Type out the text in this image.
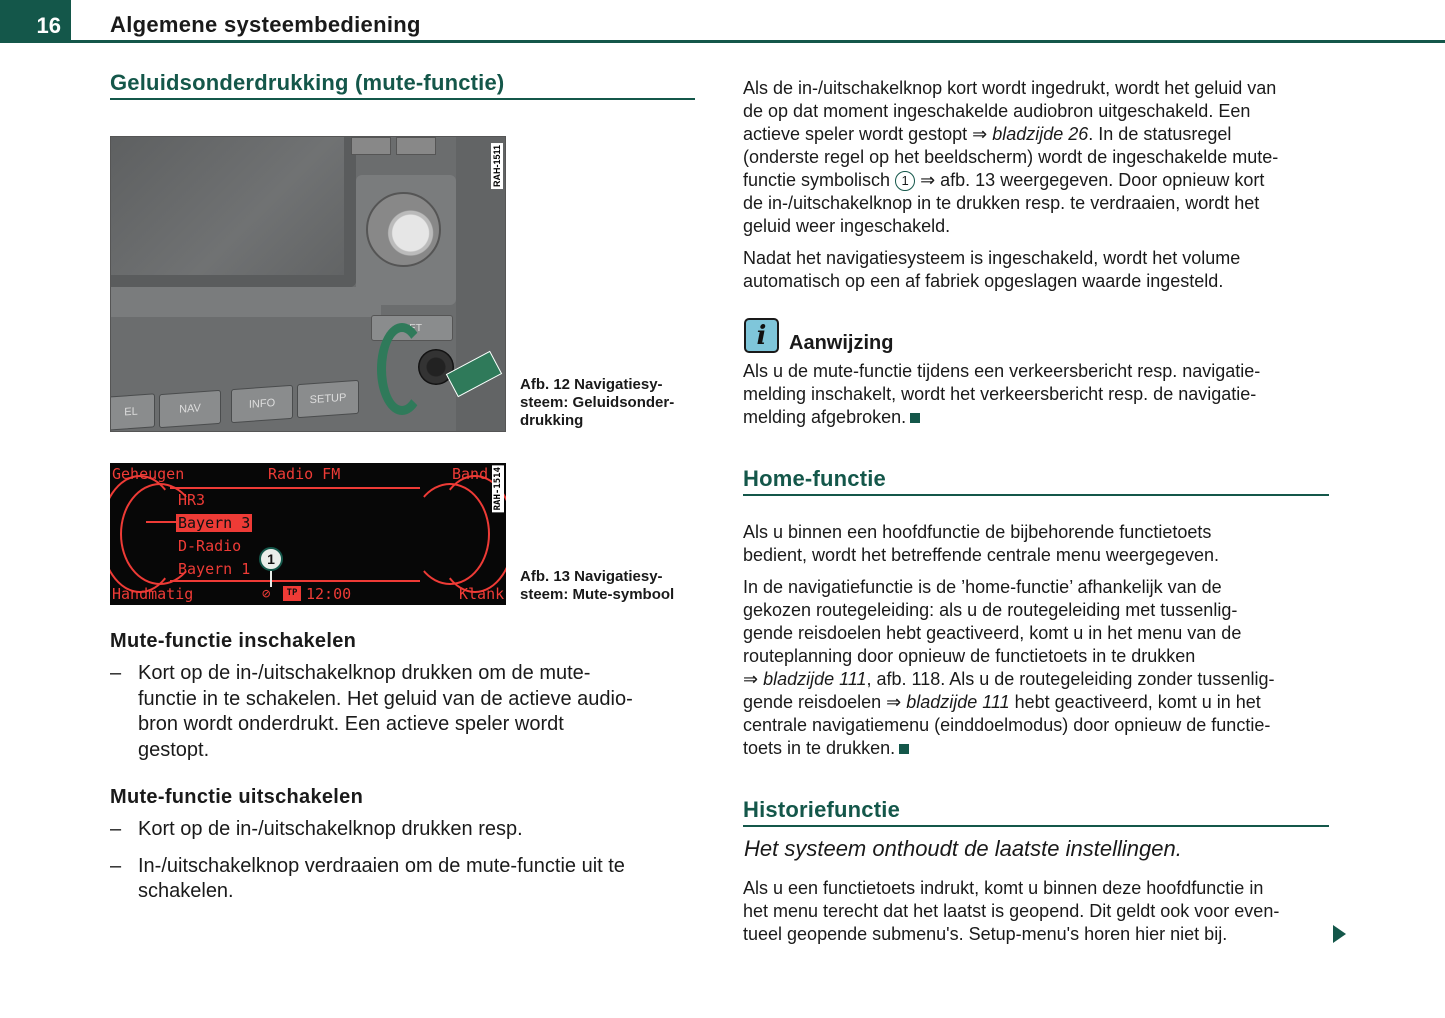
16	Algemene systeembediening
Geluidsonderdrukking (mute-functie)
RET
EL	NAV	INFO	SETUP
RAH-1511
Afb. 12 Navigatiesy-
steem: Geluidsonder-
drukking
Geheugen	Radio FM	Band
HR3
Bayern 3
D-Radio
Bayern 1
Handmatig	⊘	TP 12:00	Klank
1
RAH-1514
Afb. 13 Navigatiesy-
steem: Mute-symbool
Mute-functie inschakelen
– Kort op de in-/uitschakelknop drukken om de mute-
functie in te schakelen. Het geluid van de actieve audio-
bron wordt onderdrukt. Een actieve speler wordt
gestopt.
Mute-functie uitschakelen
– Kort op de in-/uitschakelknop drukken resp.
– In-/uitschakelknop verdraaien om de mute-functie uit te
schakelen.

Als de in-/uitschakelknop kort wordt ingedrukt, wordt het geluid van
de op dat moment ingeschakelde audiobron uitgeschakeld. Een
actieve speler wordt gestopt ⇒ bladzijde 26. In de statusregel
(onderste regel op het beeldscherm) wordt de ingeschakelde mute-
functie symbolisch 1 ⇒ afb. 13 weergegeven. Door opnieuw kort
de in-/uitschakelknop in te drukken resp. te verdraaien, wordt het
geluid weer ingeschakeld.

Nadat het navigatiesysteem is ingeschakeld, wordt het volume
automatisch op een af fabriek opgeslagen waarde ingesteld.

i	Aanwijzing

Als u de mute-functie tijdens een verkeersbericht resp. navigatie-
melding inschakelt, wordt het verkeersbericht resp. de navigatie-
melding afgebroken.

Home-functie

Als u binnen een hoofdfunctie de bijbehorende functietoets
bedient, wordt het betreffende centrale menu weergegeven.

In de navigatiefunctie is de ’home-functie’ afhankelijk van de
gekozen routegeleiding: als u de routegeleiding met tussenlig-
gende reisdoelen hebt geactiveerd, komt u in het menu van de
routeplanning door opnieuw de functietoets in te drukken
⇒ bladzijde 111, afb. 118. Als u de routegeleiding zonder tussenlig-
gende reisdoelen ⇒ bladzijde 111 hebt geactiveerd, komt u in het
centrale navigatiemenu (einddoelmodus) door opnieuw de functie-
toets in te drukken.

Historiefunctie
Het systeem onthoudt de laatste instellingen.

Als u een functietoets indrukt, komt u binnen deze hoofdfunctie in
het menu terecht dat het laatst is geopend. Dit geldt ook voor even-
tueel geopende submenu's. Setup-menu's horen hier niet bij.
